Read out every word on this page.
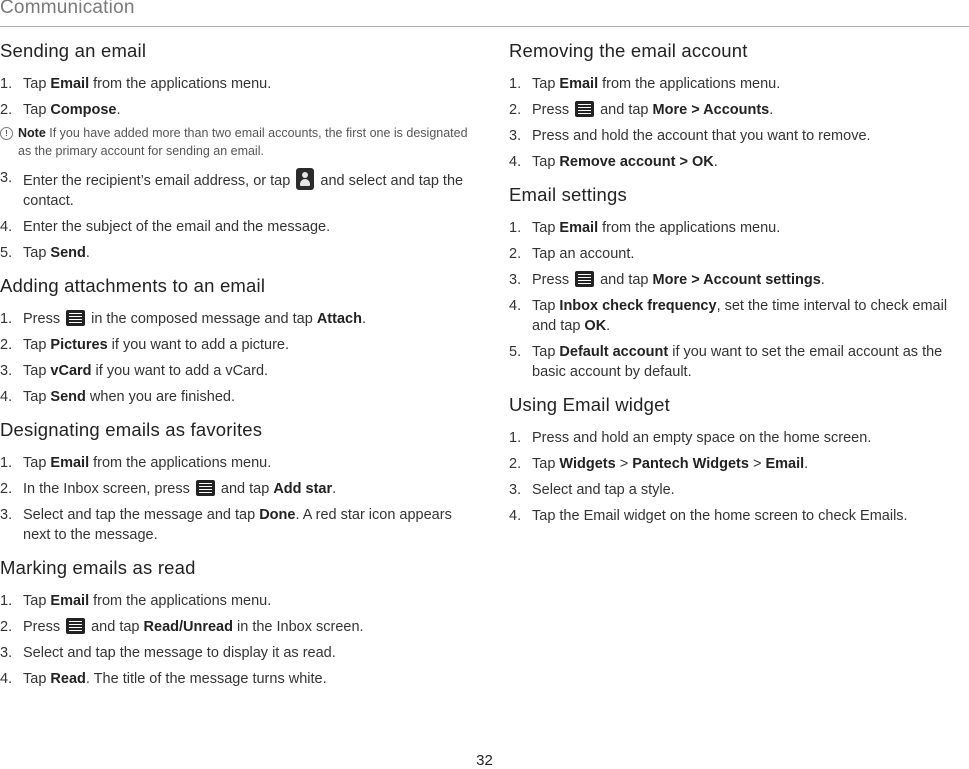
Communication
Sending an email
1. Tap Email from the applications menu.
2. Tap Compose.
! Note If you have added more than two email accounts, the first one is designated as the primary account for sending an email.
3. Enter the recipient’s email address, or tap  and select and tap the contact.
4. Enter the subject of the email and the message.
5. Tap Send.
Adding attachments to an email
1. Press  in the composed message and tap Attach.
2. Tap Pictures if you want to add a picture.
3. Tap vCard if you want to add a vCard.
4. Tap Send when you are finished.
Designating emails as favorites
1. Tap Email from the applications menu.
2. In the Inbox screen, press  and tap Add star.
3. Select and tap the message and tap Done. A red star icon appears next to the message.
Marking emails as read
1. Tap Email from the applications menu.
2. Press  and tap Read/Unread in the Inbox screen.
3. Select and tap the message to display it as read.
4. Tap Read. The title of the message turns white.
Removing the email account
1. Tap Email from the applications menu.
2. Press  and tap More > Accounts.
3. Press and hold the account that you want to remove.
4. Tap Remove account > OK.
Email settings
1. Tap Email from the applications menu.
2. Tap an account.
3. Press  and tap More > Account settings.
4. Tap Inbox check frequency, set the time interval to check email and tap OK.
5. Tap Default account if you want to set the email account as the basic account by default.
Using Email widget
1. Press and hold an empty space on the home screen.
2. Tap Widgets > Pantech Widgets > Email.
3. Select and tap a style.
4. Tap the Email widget on the home screen to check Emails.
32
